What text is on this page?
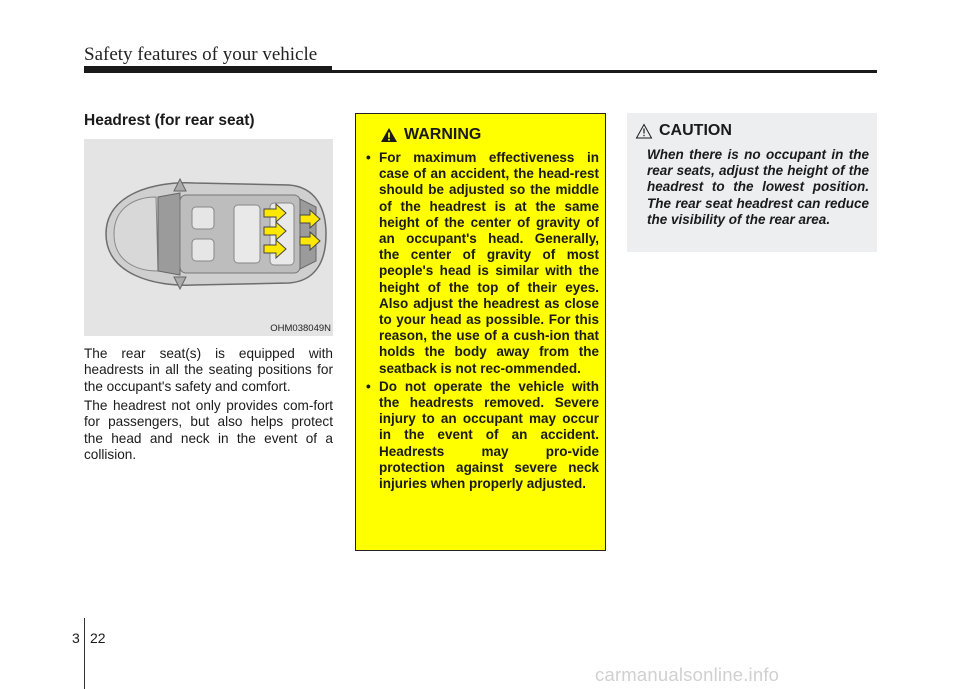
Safety features of your vehicle
Headrest (for rear seat)
OHM038049N
The rear seat(s) is equipped with headrests in all the seating positions for the occupant's safety and comfort.
The headrest not only provides com-fort for passengers, but also helps protect the head and neck in the event of a collision.
WARNING
• For maximum effectiveness in case of an accident, the head-rest should be adjusted so the middle of the headrest is at the same height of the center of gravity of an occupant's head. Generally, the center of gravity of most people's head is similar with the height of the top of their eyes. Also adjust the headrest as close to your head as possible. For this reason, the use of a cush-ion that holds the body away from the seatback is not rec-ommended.
• Do not operate the vehicle with the headrests removed. Severe injury to an occupant may occur in the event of an accident. Headrests may pro-vide protection against severe neck injuries when properly adjusted.
CAUTION
When there is no occupant in the rear seats, adjust the height of the headrest to the lowest position. The rear seat headrest can reduce the visibility of the rear area.
3 22
carmanualsonline.info
